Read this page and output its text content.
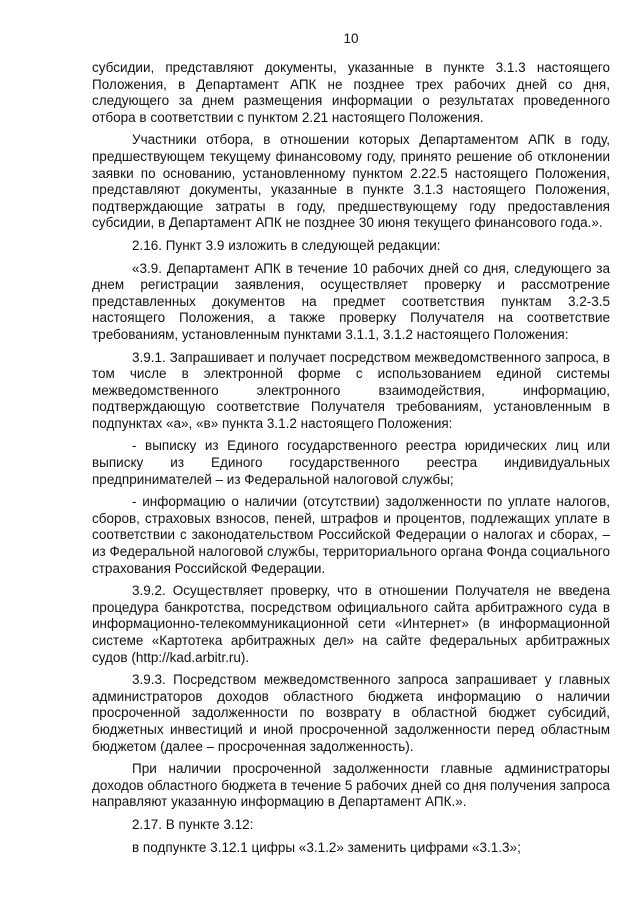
10

субсидии, представляют документы, указанные в пункте 3.1.3 настоящего Положения, в Департамент АПК не позднее трех рабочих дней со дня, следующего за днем размещения информации о результатах проведенного отбора в соответствии с пунктом 2.21 настоящего Положения.

Участники отбора, в отношении которых Департаментом АПК в году, предшествующем текущему финансовому году, принято решение об отклонении заявки по основанию, установленному пунктом 2.22.5 настоящего Положения, представляют документы, указанные в пункте 3.1.3 настоящего Положения, подтверждающие затраты в году, предшествующему году предоставления субсидии, в Департамент АПК не позднее 30 июня текущего финансового года.».

2.16. Пункт 3.9 изложить в следующей редакции:

«3.9. Департамент АПК в течение 10 рабочих дней со дня, следующего за днем регистрации заявления, осуществляет проверку и рассмотрение представленных документов на предмет соответствия пунктам 3.2-3.5 настоящего Положения, а также проверку Получателя на соответствие требованиям, установленным пунктами 3.1.1, 3.1.2 настоящего Положения:

3.9.1. Запрашивает и получает посредством межведомственного запроса, в том числе в электронной форме с использованием единой системы межведомственного электронного взаимодействия, информацию, подтверждающую соответствие Получателя требованиям, установленным в подпунктах «а», «в» пункта 3.1.2 настоящего Положения:

- выписку из Единого государственного реестра юридических лиц или выписку из Единого государственного реестра индивидуальных предпринимателей – из Федеральной налоговой службы;

- информацию о наличии (отсутствии) задолженности по уплате налогов, сборов, страховых взносов, пеней, штрафов и процентов, подлежащих уплате в соответствии с законодательством Российской Федерации о налогах и сборах, – из Федеральной налоговой службы, территориального органа Фонда социального страхования Российской Федерации.

3.9.2. Осуществляет проверку, что в отношении Получателя не введена процедура банкротства, посредством официального сайта арбитражного суда в информационно-телекоммуникационной сети «Интернет» (в информационной системе «Картотека арбитражных дел» на сайте федеральных арбитражных судов (http://kad.arbitr.ru).

3.9.3. Посредством межведомственного запроса запрашивает у главных администраторов доходов областного бюджета информацию о наличии просроченной задолженности по возврату в областной бюджет субсидий, бюджетных инвестиций и иной просроченной задолженности перед областным бюджетом (далее – просроченная задолженность).

При наличии просроченной задолженности главные администраторы доходов областного бюджета в течение 5 рабочих дней со дня получения запроса направляют указанную информацию в Департамент АПК.».

2.17. В пункте 3.12:

в подпункте 3.12.1 цифры «3.1.2» заменить цифрами «3.1.3»;
